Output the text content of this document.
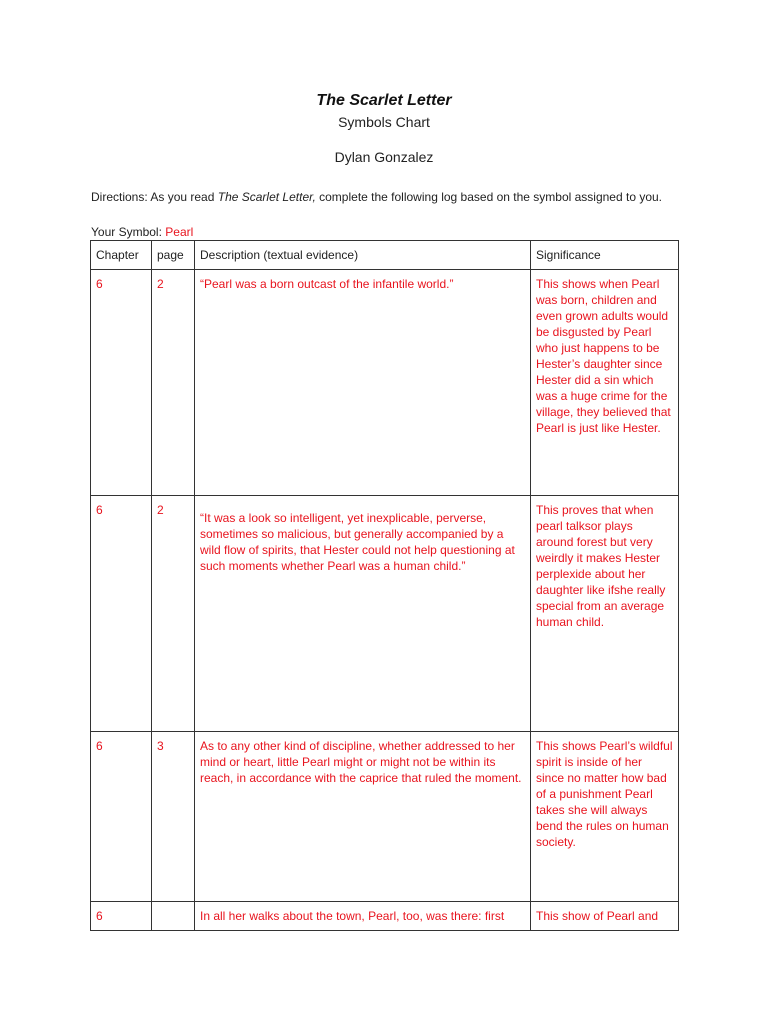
The Scarlet Letter
Symbols Chart
Dylan Gonzalez
Directions: As you read The Scarlet Letter, complete the following log based on the symbol assigned to you.
Your Symbol: Pearl
Chapter	page	Description (textual evidence)	Significance
6	2	“Pearl was a born outcast of the infantile world.”	This shows when Pearl was born, children and even grown adults would be disgusted by Pearl who just happens to be Hester’s daughter since Hester did a sin which was a huge crime for the village, they believed that Pearl is just like Hester.
6	2	“It was a look so intelligent, yet inexplicable, perverse, sometimes so malicious, but generally accompanied by a wild flow of spirits, that Hester could not help questioning at such moments whether Pearl was a human child.”	This proves that when pearl talksor plays around forest but very weirdly it makes Hester perplexide about her daughter like ifshe really special from an average human child.
6	3	As to any other kind of discipline, whether addressed to her mind or heart, little Pearl might or might not be within its reach, in accordance with the caprice that ruled the moment.	This shows Pearl’s wildful spirit is inside of her since no matter how bad of a punishment Pearl takes she will always bend the rules on human society.
6		In all her walks about the town, Pearl, too, was there: first	This show of Pearl and
